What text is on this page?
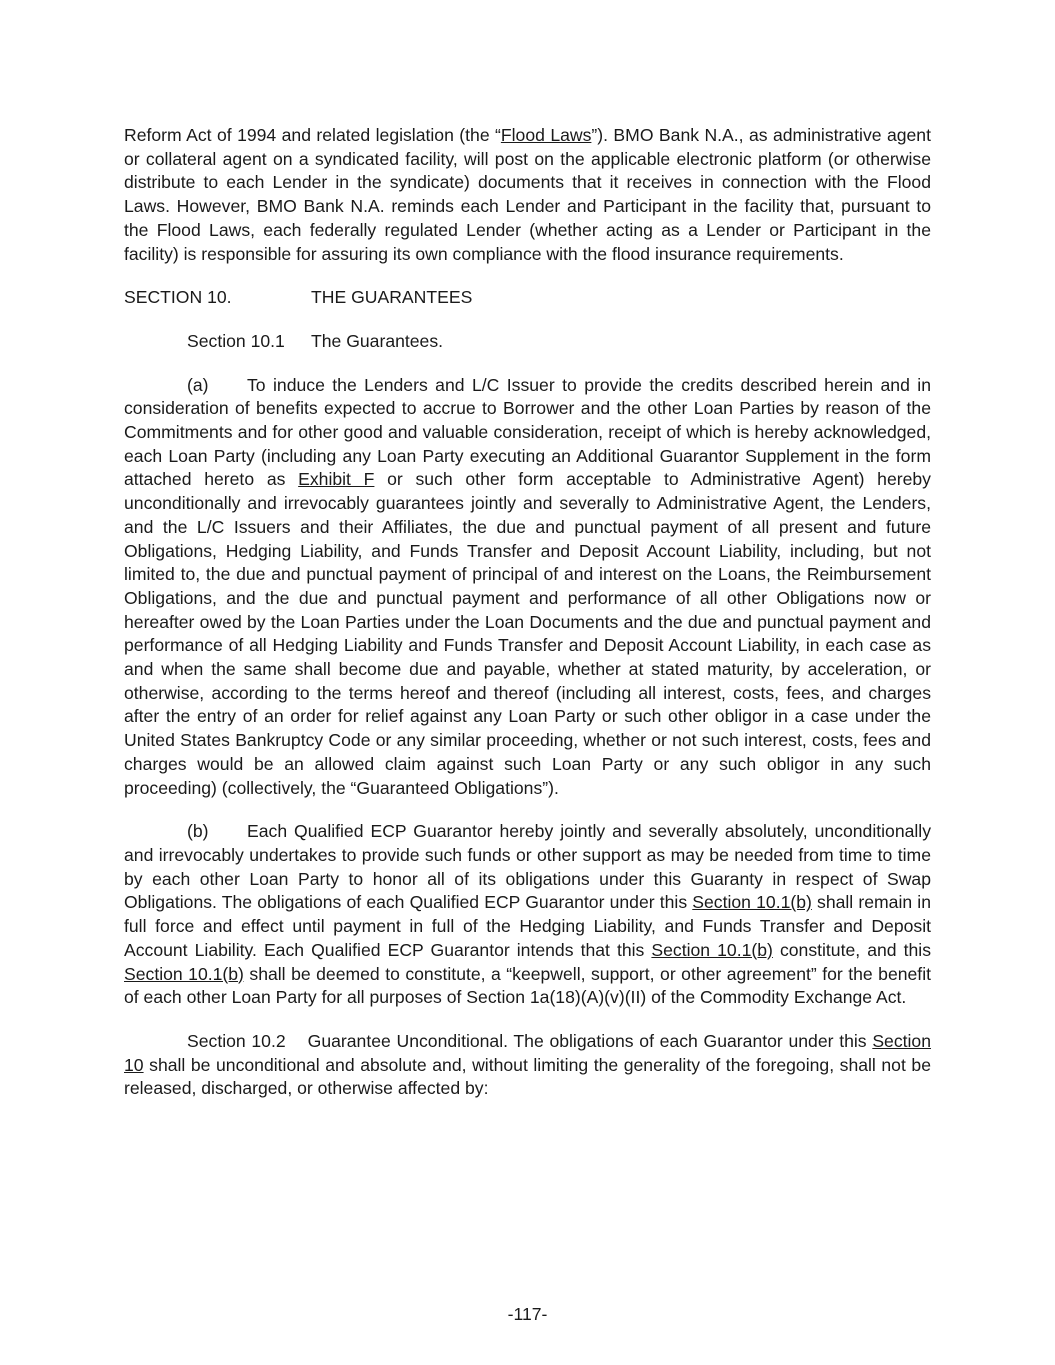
Reform Act of 1994 and related legislation (the “Flood Laws”). BMO Bank N.A., as administrative agent or collateral agent on a syndicated facility, will post on the applicable electronic platform (or otherwise distribute to each Lender in the syndicate) documents that it receives in connection with the Flood Laws. However, BMO Bank N.A. reminds each Lender and Participant in the facility that, pursuant to the Flood Laws, each federally regulated Lender (whether acting as a Lender or Participant in the facility) is responsible for assuring its own compliance with the flood insurance requirements.

SECTION 10.	THE GUARANTEES

Section 10.1 The Guarantees.

(a) To induce the Lenders and L/C Issuer to provide the credits described herein and in consideration of benefits expected to accrue to Borrower and the other Loan Parties by reason of the Commitments and for other good and valuable consideration, receipt of which is hereby acknowledged, each Loan Party (including any Loan Party executing an Additional Guarantor Supplement in the form attached hereto as Exhibit F or such other form acceptable to Administrative Agent) hereby unconditionally and irrevocably guarantees jointly and severally to Administrative Agent, the Lenders, and the L/C Issuers and their Affiliates, the due and punctual payment of all present and future Obligations, Hedging Liability, and Funds Transfer and Deposit Account Liability, including, but not limited to, the due and punctual payment of principal of and interest on the Loans, the Reimbursement Obligations, and the due and punctual payment and performance of all other Obligations now or hereafter owed by the Loan Parties under the Loan Documents and the due and punctual payment and performance of all Hedging Liability and Funds Transfer and Deposit Account Liability, in each case as and when the same shall become due and payable, whether at stated maturity, by acceleration, or otherwise, according to the terms hereof and thereof (including all interest, costs, fees, and charges after the entry of an order for relief against any Loan Party or such other obligor in a case under the United States Bankruptcy Code or any similar proceeding, whether or not such interest, costs, fees and charges would be an allowed claim against such Loan Party or any such obligor in any such proceeding) (collectively, the “Guaranteed Obligations”).

(b) Each Qualified ECP Guarantor hereby jointly and severally absolutely, unconditionally and irrevocably undertakes to provide such funds or other support as may be needed from time to time by each other Loan Party to honor all of its obligations under this Guaranty in respect of Swap Obligations. The obligations of each Qualified ECP Guarantor under this Section 10.1(b) shall remain in full force and effect until payment in full of the Hedging Liability, and Funds Transfer and Deposit Account Liability. Each Qualified ECP Guarantor intends that this Section 10.1(b) constitute, and this Section 10.1(b) shall be deemed to constitute, a “keepwell, support, or other agreement” for the benefit of each other Loan Party for all purposes of Section 1a(18)(A)(v)(II) of the Commodity Exchange Act.

Section 10.2 Guarantee Unconditional. The obligations of each Guarantor under this Section 10 shall be unconditional and absolute and, without limiting the generality of the foregoing, shall not be released, discharged, or otherwise affected by:

-117-
